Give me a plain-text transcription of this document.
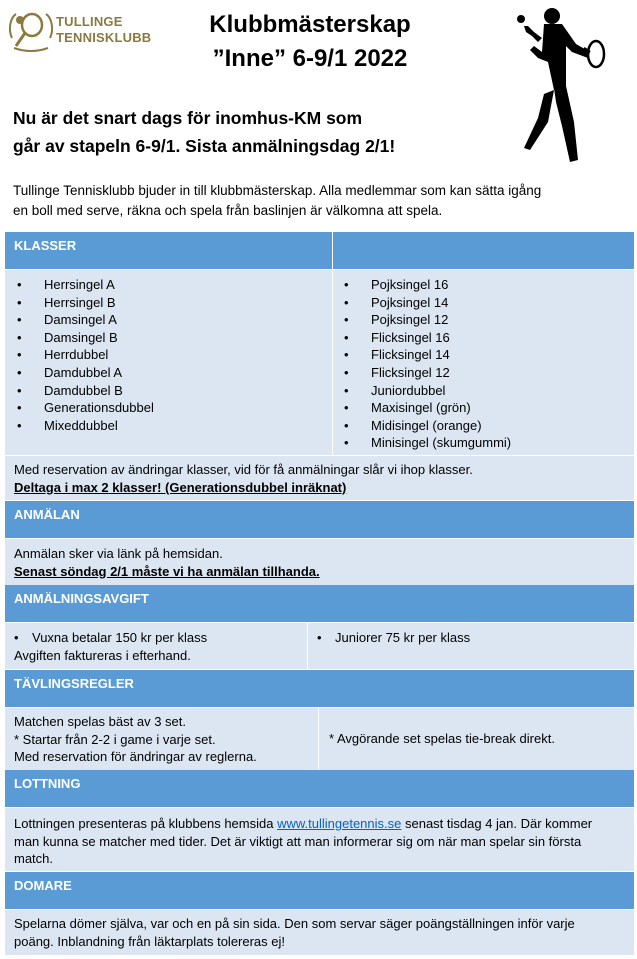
TULLINGE
TENNISKLUBB	Klubbmästerskap
”Inne” 6-9/1 2022
Nu är det snart dags för inomhus-KM som
går av stapeln 6-9/1. Sista anmälningsdag 2/1!
Tullinge Tennisklubb bjuder in till klubbmästerskap. Alla medlemmar som kan sätta igång
en boll med serve, räkna och spela från baslinjen är välkomna att spela.
KLASSER
• Herrsingel A
• Herrsingel B
• Damsingel A
• Damsingel B
• Herrdubbel
• Damdubbel A
• Damdubbel B
• Generationsdubbel
• Mixeddubbel
• Pojksingel 16
• Pojksingel 14
• Pojksingel 12
• Flicksingel 16
• Flicksingel 14
• Flicksingel 12
• Juniordubbel
• Maxisingel (grön)
• Midisingel (orange)
• Minisingel (skumgummi)
Med reservation av ändringar klasser, vid för få anmälningar slår vi ihop klasser.
Deltaga i max 2 klasser! (Generationsdubbel inräknat)
ANMÄLAN
Anmälan sker via länk på hemsidan.
Senast söndag 2/1 måste vi ha anmälan tillhanda.
ANMÄLNINGSAVGIFT
• Vuxna betalar 150 kr per klass
Avgiften faktureras i efterhand.
• Juniorer 75 kr per klass
TÄVLINGSREGLER
Matchen spelas bäst av 3 set.
* Startar från 2-2 i game i varje set.
Med reservation för ändringar av reglerna.
* Avgörande set spelas tie-break direkt.
LOTTNING
Lottningen presenteras på klubbens hemsida www.tullingetennis.se senast tisdag 4 jan. Där kommer
man kunna se matcher med tider. Det är viktigt att man informerar sig om när man spelar sin första
match.
DOMARE
Spelarna dömer själva, var och en på sin sida. Den som servar säger poängställningen inför varje
poäng. Inblandning från läktarplats tolereras ej!
